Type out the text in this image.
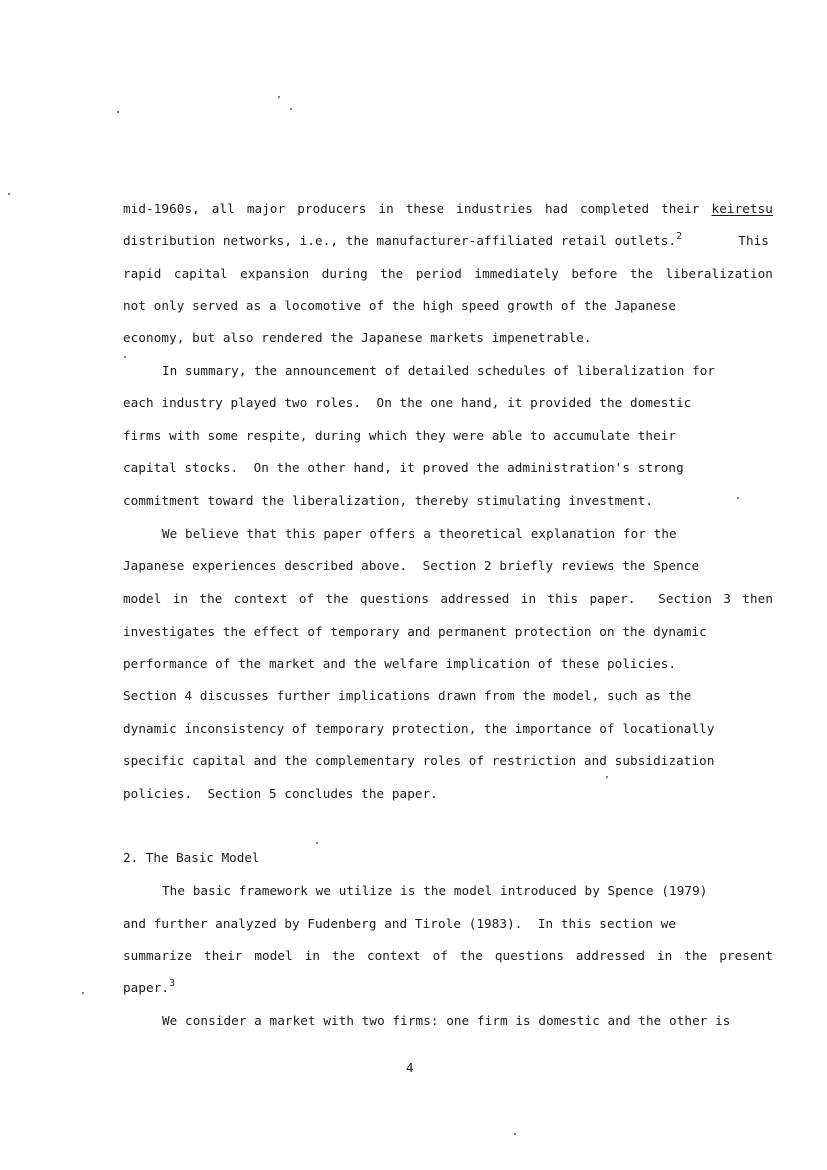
mid-1960s, all major producers in these industries had completed their keiretsu
distribution networks, i.e., the manufacturer-affiliated retail outlets.$^2$	This
rapid capital expansion during the period immediately before the liberalization
not only served as a locomotive of the high speed growth of the Japanese
economy, but also rendered the Japanese markets impenetrable.
In summary, the announcement of detailed schedules of liberalization for
each industry played two roles.  On the one hand, it provided the domestic
firms with some respite, during which they were able to accumulate their
capital stocks.  On the other hand, it proved the administration's strong
commitment toward the liberalization, thereby stimulating investment.
We believe that this paper offers a theoretical explanation for the
Japanese experiences described above.  Section 2 briefly reviews the Spence
model in the context of the questions addressed in this paper.  Section 3 then
investigates the effect of temporary and permanent protection on the dynamic
performance of the market and the welfare implication of these policies.
Section 4 discusses further implications drawn from the model, such as the
dynamic inconsistency of temporary protection, the importance of locationally
specific capital and the complementary roles of restriction and subsidization
policies.  Section 5 concludes the paper.
2. The Basic Model
The basic framework we utilize is the model introduced by Spence (1979)
and further analyzed by Fudenberg and Tirole (1983).  In this section we
summarize their model in the context of the questions addressed in the present
paper.$^3$
We consider a market with two firms: one firm is domestic and the other is
4
